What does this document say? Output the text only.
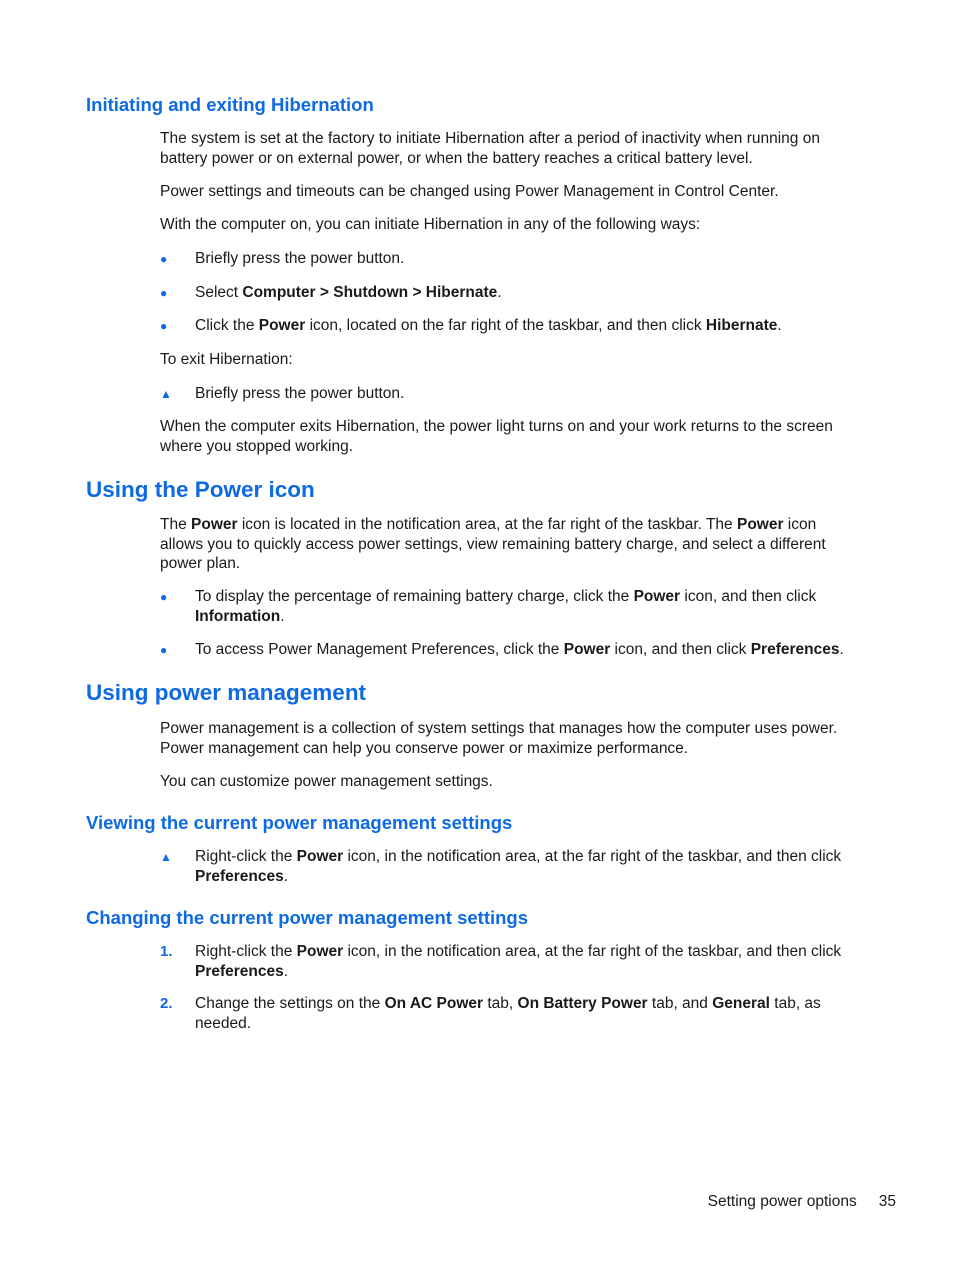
Initiating and exiting Hibernation

The system is set at the factory to initiate Hibernation after a period of inactivity when running on
battery power or on external power, or when the battery reaches a critical battery level.

Power settings and timeouts can be changed using Power Management in Control Center.

With the computer on, you can initiate Hibernation in any of the following ways:

●	Briefly press the power button.
●	Select Computer > Shutdown > Hibernate.
●	Click the Power icon, located on the far right of the taskbar, and then click Hibernate.

To exit Hibernation:

▲	Briefly press the power button.

When the computer exits Hibernation, the power light turns on and your work returns to the screen
where you stopped working.

Using the Power icon

The Power icon is located in the notification area, at the far right of the taskbar. The Power icon
allows you to quickly access power settings, view remaining battery charge, and select a different
power plan.

●	To display the percentage of remaining battery charge, click the Power icon, and then click
Information.
●	To access Power Management Preferences, click the Power icon, and then click Preferences.
Using power management

Power management is a collection of system settings that manages how the computer uses power.
Power management can help you conserve power or maximize performance.

You can customize power management settings.

Viewing the current power management settings
▲	Right-click the Power icon, in the notification area, at the far right of the taskbar, and then click
Preferences.
Changing the current power management settings
1.	Right-click the Power icon, in the notification area, at the far right of the taskbar, and then click
Preferences.
2.	Change the settings on the On AC Power tab, On Battery Power tab, and General tab, as
needed.
Setting power options 35
